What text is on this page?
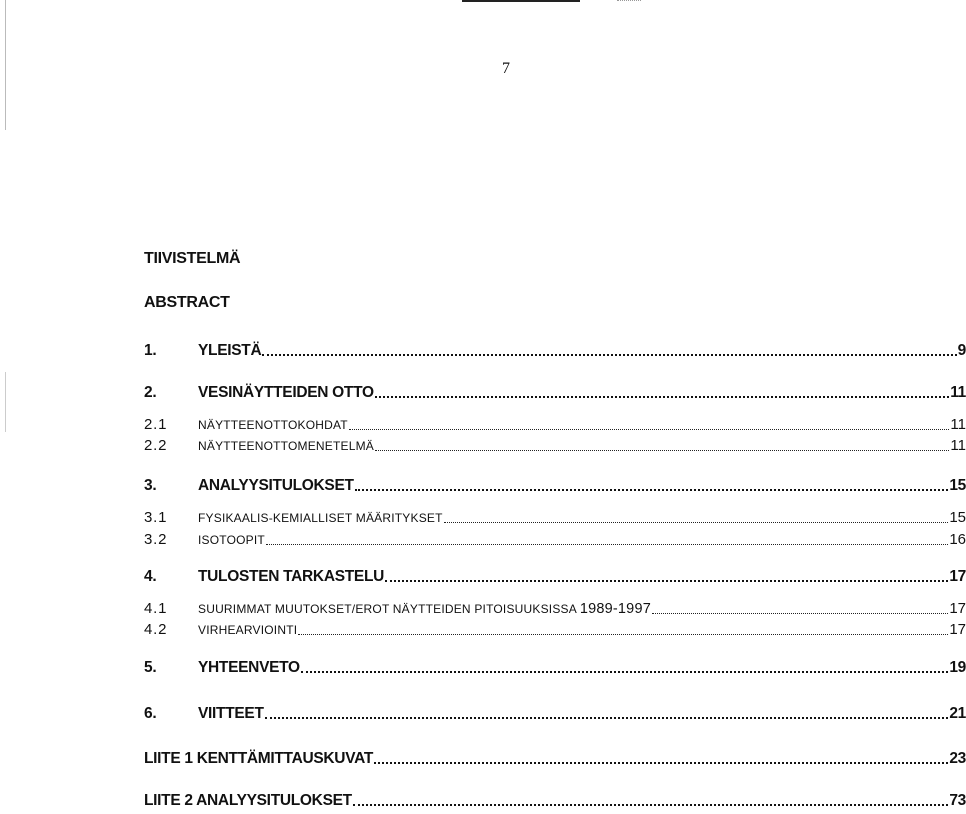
7
TIIVISTELMÄ
ABSTRACT
1.	YLEISTÄ	9
2.	VESINÄYTTEIDEN OTTO	11
2.1	NÄYTTEENOTTOKOHDAT	11
2.2	NÄYTTEENOTTOMENETELMÄ	11
3.	ANALYYSITULOKSET	15
3.1	FYSIKAALIS-KEMIALLISET MÄÄRITYKSET	15
3.2	ISOTOOPIT	16
4.	TULOSTEN TARKASTELU	17
4.1	SUURIMMAT MUUTOKSET/EROT NÄYTTEIDEN PITOISUUKSISSA 1989-1997	17
4.2	VIRHEARVIOINTI	17
5.	YHTEENVETO	19
6.	VIITTEET	21
LIITE 1 KENTTÄMITTAUSKUVAT	23
LIITE 2 ANALYYSITULOKSET	73
